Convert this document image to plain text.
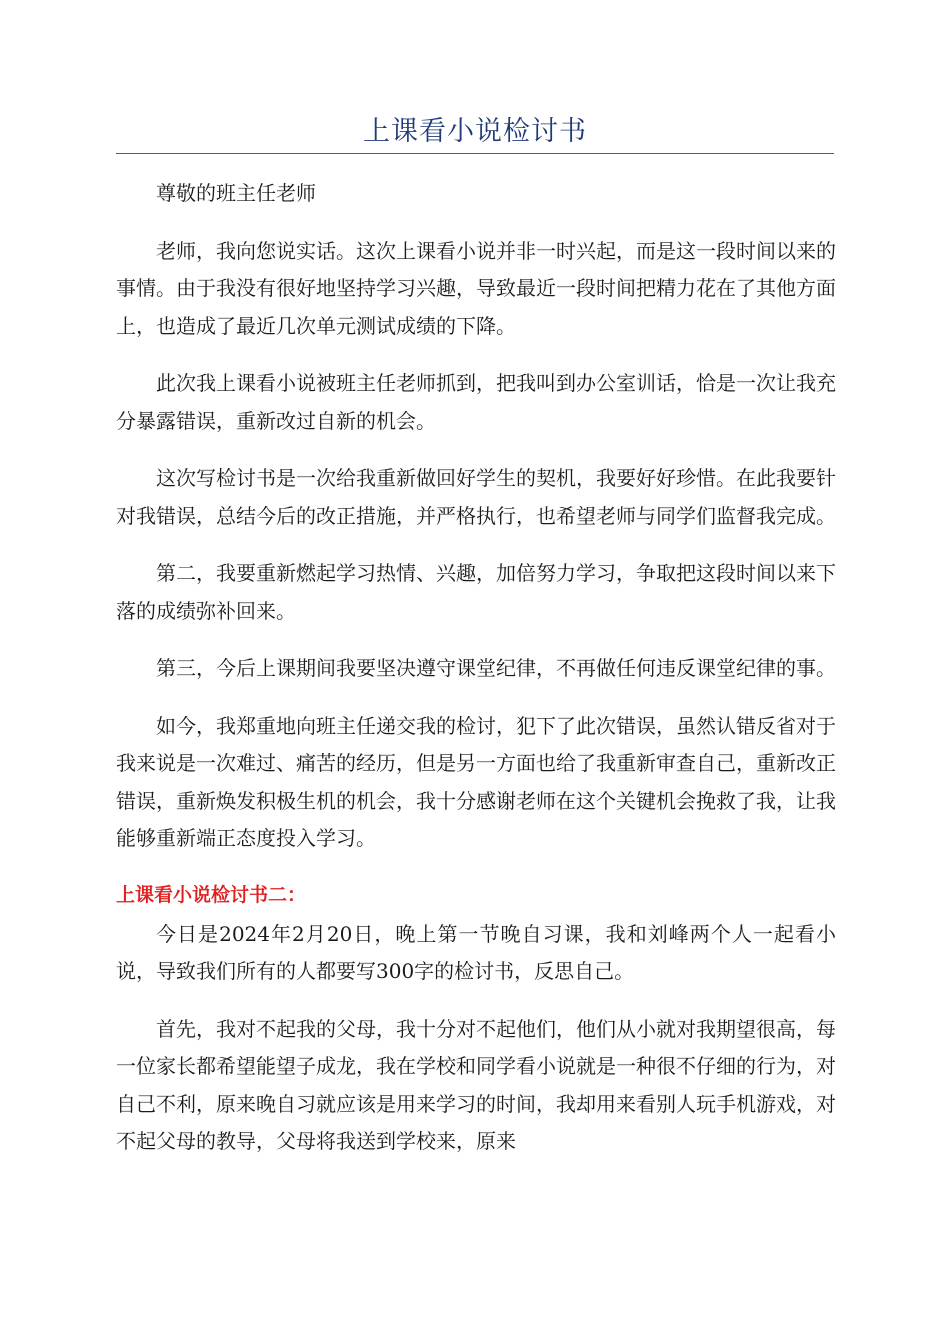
上课看小说检讨书

尊敬的班主任老师

老师，我向您说实话。这次上课看小说并非一时兴起，而是这一段时间以来的事情。由于我没有很好地坚持学习兴趣，导致最近一段时间把精力花在了其他方面上，也造成了最近几次单元测试成绩的下降。

此次我上课看小说被班主任老师抓到，把我叫到办公室训话，恰是一次让我充分暴露错误，重新改过自新的机会。

这次写检讨书是一次给我重新做回好学生的契机，我要好好珍惜。在此我要针对我错误，总结今后的改正措施，并严格执行，也希望老师与同学们监督我完成。

第二，我要重新燃起学习热情、兴趣，加倍努力学习，争取把这段时间以来下落的成绩弥补回来。

第三，今后上课期间我要坚决遵守课堂纪律，不再做任何违反课堂纪律的事。

如今，我郑重地向班主任递交我的检讨，犯下了此次错误，虽然认错反省对于我来说是一次难过、痛苦的经历，但是另一方面也给了我重新审查自己，重新改正错误，重新焕发积极生机的机会，我十分感谢老师在这个关键机会挽救了我，让我能够重新端正态度投入学习。

上课看小说检讨书二：

今日是2024年2月20日，晚上第一节晚自习课，我和刘峰两个人一起看小说，导致我们所有的人都要写300字的检讨书，反思自己。

首先，我对不起我的父母，我十分对不起他们，他们从小就对我期望很高，每一位家长都希望能望子成龙，我在学校和同学看小说就是一种很不仔细的行为，对自己不利，原来晚自习就应该是用来学习的时间，我却用来看别人玩手机游戏，对不起父母的教导，父母将我送到学校来，原来
